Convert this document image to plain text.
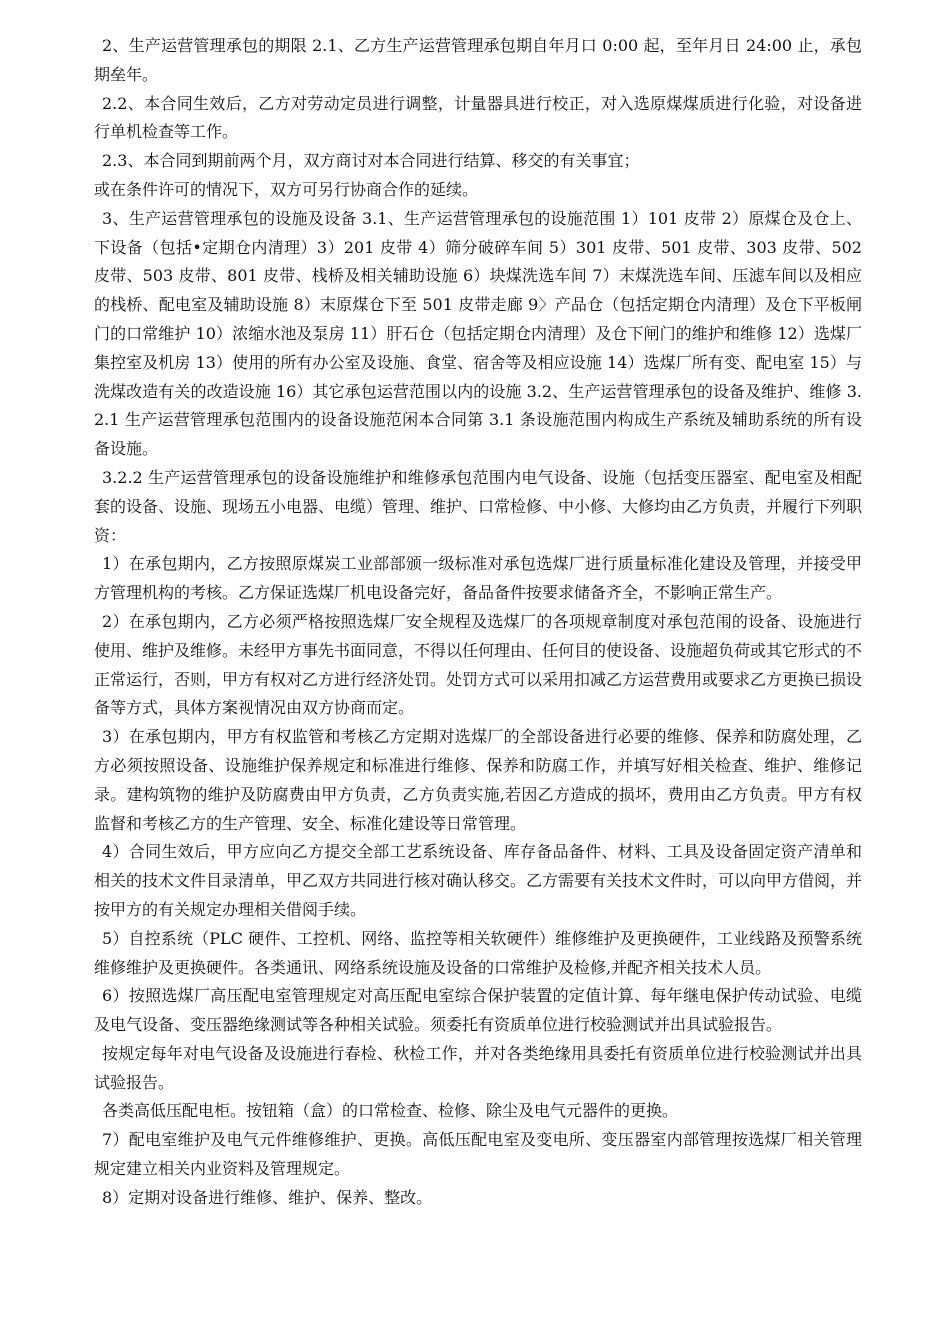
2、生产运营管理承包的期限 2.1、乙方生产运营管理承包期自年月口 0:00 起，至年月日 24:00 止，承包期垒年。

2.2、本合同生效后，乙方对劳动定员进行调整，计量器具进行校正，对入选原煤煤质进行化验，对设备进行单机检查等工作。

2.3、本合同到期前两个月，双方商讨对本合同进行结算、移交的有关事宜；

或在条件许可的情况下，双方可另行协商合作的延续。

3、生产运营管理承包的设施及设备 3.1、生产运营管理承包的设施范围 1）101 皮带 2）原煤仓及仓上、下设备（包括•定期仓内清理）3）201 皮带 4）筛分破碎车间 5）301 皮带、501 皮带、303 皮带、502 皮带、503 皮带、801 皮带、栈桥及相关辅助设施 6）块煤洗选车间 7）末煤洗选车间、压滤车间以及相应的栈桥、配电室及辅助设施 8）末原煤仓下至 501 皮带走廊 9〉产品仓（包括定期仓内清理）及仓下平板闸门的口常维护 10）浓缩水池及泵房 11）肝石仓（包括定期仓内清理）及仓下闸门的维护和维修 12）选煤厂集控室及机房 13）使用的所有办公室及设施、食堂、宿舍等及相应设施 14）选煤厂所有变、配电室 15）与洗煤改造有关的改造设施 16）其它承包运营范围以内的设施 3.2、生产运营管理承包的设备及维护、维修 3.2.1 生产运营管理承包范围内的设备设施范闲本合同第 3.1 条设施范围内构成生产系统及辅助系统的所有设备设施。

3.2.2 生产运营管理承包的设备设施维护和维修承包范围内电气设备、设施（包括变压器室、配电室及相配套的设备、设施、现场五小电器、电缆）管理、维护、口常检修、中小修、大修均由乙方负责，并履行下列职资：

1）在承包期内，乙方按照原煤炭工业部部颁一级标准对承包选煤厂进行质量标准化建设及管理，并接受甲方管理机构的考核。乙方保证选煤厂机电设备完好，备品备件按要求储备齐全，不影响正常生产。

2）在承包期内，乙方必须严格按照选煤厂安全规程及选煤厂的各项规章制度对承包范闱的设备、设施进行使用、维护及维修。未经甲方事先书面同意，不得以任何理由、任何目的使设备、设施超负荷或其它形式的不正常运行，否则，甲方有权对乙方进行经济处罚。处罚方式可以采用扣减乙方运营费用或要求乙方更换已损设备等方式，具体方案视情况由双方协商而定。

3）在承包期内，甲方有权监管和考核乙方定期对选煤厂的全部设备进行必要的维修、保养和防腐处理，乙方必须按照设备、设施维护保养规定和标准进行维修、保养和防腐工作，并填写好相关检查、维护、维修记录。建构筑物的维护及防腐费由甲方负责，乙方负责实施,若因乙方造成的损坏，费用由乙方负责。甲方有权监督和考核乙方的生产管理、安全、标准化建设等日常管理。

4）合同生效后，甲方应向乙方提交全部工艺系统设备、库存备品备件、材料、工具及设备固定资产清单和相关的技术文件目录清单，甲乙双方共同进行核对确认移交。乙方需要有关技术文件时，可以向甲方借阅，并按甲方的有关规定办理相关借阅手续。

5）自控系统（PLC 硬件、工控机、网络、监控等相关软硬件）维修维护及更换硬件，工业线路及预警系统维修维护及更换硬件。各类通讯、网络系统设施及设备的口常维护及检修,并配齐相关技术人员。

6）按照选煤厂高压配电室管理规定对高压配电室综合保护装置的定值计算、每年继电保护传动试验、电缆及电气设备、变压器绝缘测试等各种相关试验。须委托有资质单位进行校验测试并出具试验报告。

按规定每年对电气设备及设施进行春检、秋检工作，并对各类绝缘用具委托有资质单位进行校验测试并出具试验报告。

各类高低压配电柜。按钮箱（盒）的口常检查、检修、除尘及电气元器件的更换。

7）配电室维护及电气元件维修维护、更换。高低压配电室及变电所、变压器室内部管理按选煤厂相关管理规定建立相关内业资料及管理规定。

8）定期对设备进行维修、维护、保养、整改。
